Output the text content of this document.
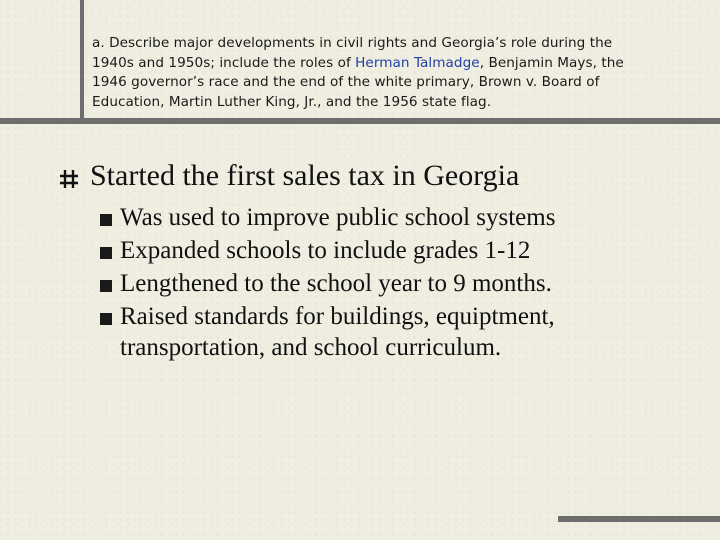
a. Describe major developments in civil rights and Georgia’s role during the
1940s and 1950s; include the roles of Herman Talmadge, Benjamin Mays, the
1946 governor’s race and the end of the white primary, Brown v. Board of
Education, Martin Luther King, Jr., and the 1956 state flag.
Started the first sales tax in Georgia
Was used to improve public school systems
Expanded schools to include grades 1-12
Lengthened to the school year to 9 months.
Raised standards for buildings, equiptment, transportation, and school curriculum.
